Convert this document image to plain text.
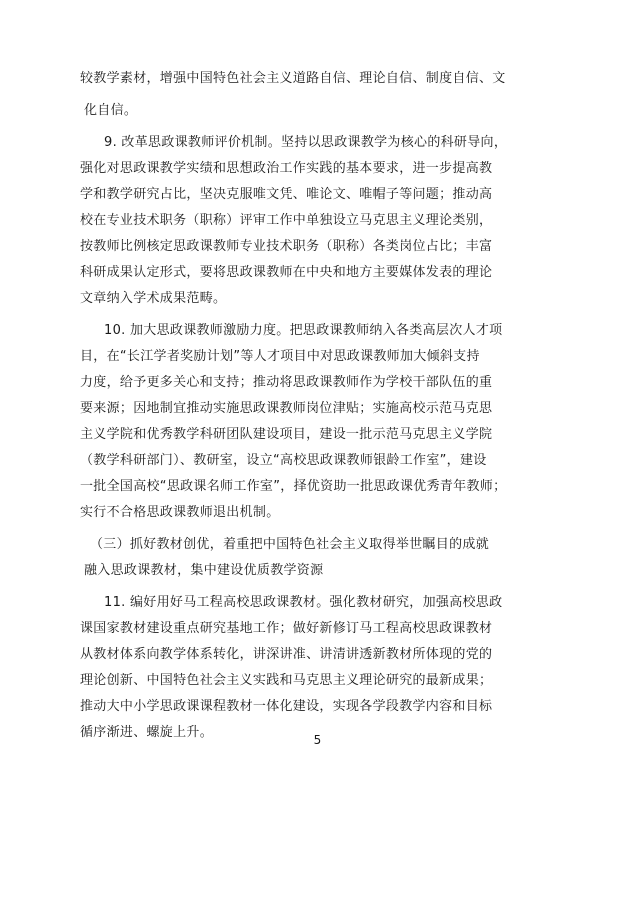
较教学素材，增强中国特色社会主义道路自信、理论自信、制度自信、文
化自信。
9. 改革思政课教师评价机制。坚持以思政课教学为核心的科研导向，
强化对思政课教学实绩和思想政治工作实践的基本要求，进一步提高教
学和教学研究占比，坚决克服唯文凭、唯论文、唯帽子等问题；推动高
校在专业技术职务（职称）评审工作中单独设立马克思主义理论类别，
按教师比例核定思政课教师专业技术职务（职称）各类岗位占比；丰富
科研成果认定形式，要将思政课教师在中央和地方主要媒体发表的理论
文章纳入学术成果范畴。
10. 加大思政课教师激励力度。把思政课教师纳入各类高层次人才项
目，在“长江学者奖励计划”等人才项目中对思政课教师加大倾斜支持
力度，给予更多关心和支持；推动将思政课教师作为学校干部队伍的重
要来源；因地制宜推动实施思政课教师岗位津贴；实施高校示范马克思
主义学院和优秀教学科研团队建设项目，建设一批示范马克思主义学院
（教学科研部门）、教研室，设立“高校思政课教师银龄工作室”，建设
一批全国高校“思政课名师工作室”，择优资助一批思政课优秀青年教师；
实行不合格思政课教师退出机制。
（三）抓好教材创优，着重把中国特色社会主义取得举世瞩目的成就
融入思政课教材，集中建设优质教学资源
11. 编好用好马工程高校思政课教材。强化教材研究，加强高校思政
课国家教材建设重点研究基地工作；做好新修订马工程高校思政课教材
从教材体系向教学体系转化，讲深讲准、讲清讲透新教材所体现的党的
理论创新、中国特色社会主义实践和马克思主义理论研究的最新成果；
推动大中小学思政课课程教材一体化建设，实现各学段教学内容和目标
循序渐进、螺旋上升。	5
